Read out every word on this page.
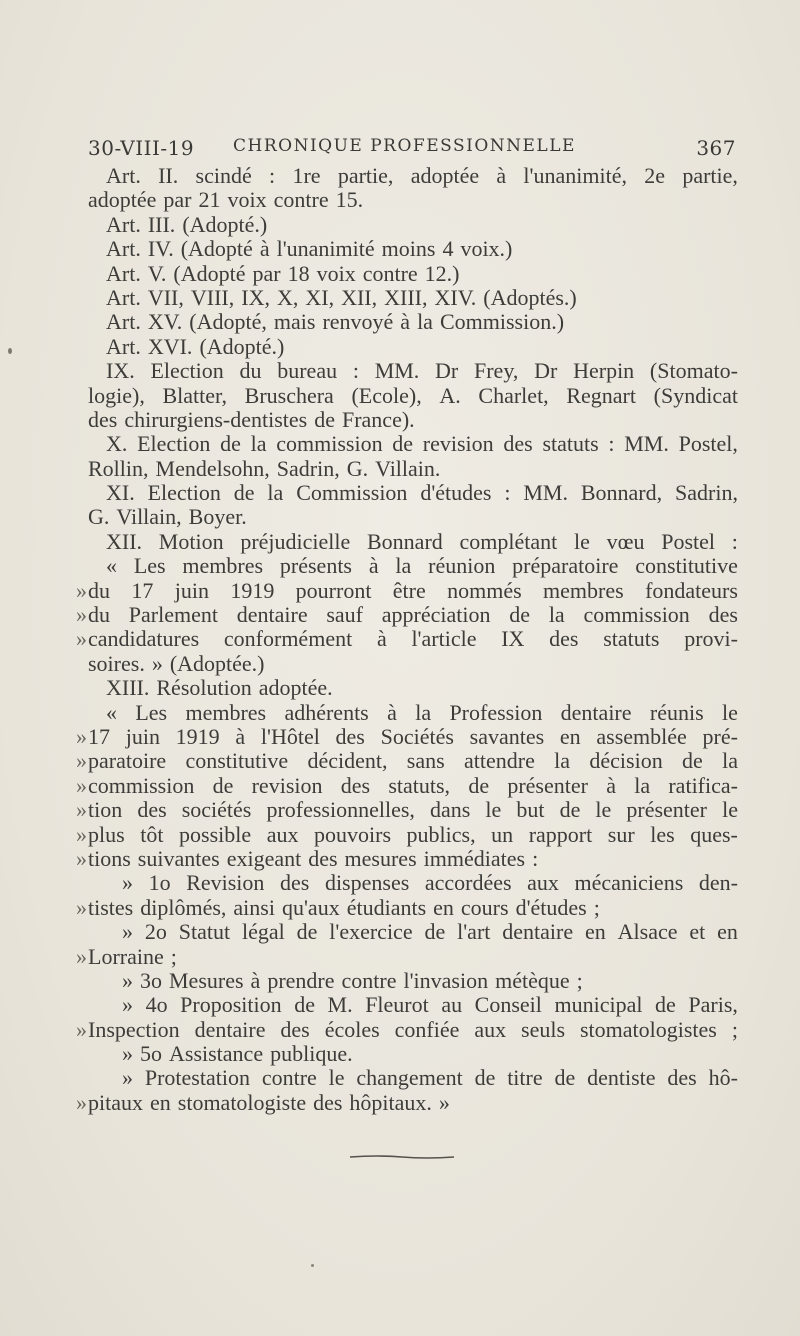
30-VIII-19 CHRONIQUE PROFESSIONNELLE	367
Art. II. scindé : 1re partie, adoptée à l'unanimité, 2e partie,
adoptée par 21 voix contre 15.
Art. III. (Adopté.)
Art. IV. (Adopté à l'unanimité moins 4 voix.)
Art. V. (Adopté par 18 voix contre 12.)
Art. VII, VIII, IX, X, XI, XII, XIII, XIV. (Adoptés.)
Art. XV. (Adopté, mais renvoyé à la Commission.)
Art. XVI. (Adopté.)
IX. Election du bureau : MM. Dr Frey, Dr Herpin (Stomato-
logie), Blatter, Bruschera (Ecole), A. Charlet, Regnart (Syndicat
des chirurgiens-dentistes de France).
X. Election de la commission de revision des statuts : MM. Postel,
Rollin, Mendelsohn, Sadrin, G. Villain.
XI. Election de la Commission d'études : MM. Bonnard, Sadrin,
G. Villain, Boyer.
XII. Motion préjudicielle Bonnard complétant le vœu Postel :
« Les membres présents à la réunion préparatoire constitutive
» du 17 juin 1919 pourront être nommés membres fondateurs
» du Parlement dentaire sauf appréciation de la commission des
» candidatures conformément à l'article IX des statuts provi-
soires. » (Adoptée.)
XIII. Résolution adoptée.
« Les membres adhérents à la Profession dentaire réunis le
» 17 juin 1919 à l'Hôtel des Sociétés savantes en assemblée pré-
» paratoire constitutive décident, sans attendre la décision de la
» commission de revision des statuts, de présenter à la ratifica-
» tion des sociétés professionnelles, dans le but de le présenter le
» plus tôt possible aux pouvoirs publics, un rapport sur les ques-
» tions suivantes exigeant des mesures immédiates :
» 1o Revision des dispenses accordées aux mécaniciens den-
» tistes diplômés, ainsi qu'aux étudiants en cours d'études ;
» 2o Statut légal de l'exercice de l'art dentaire en Alsace et en
» Lorraine ;
» 3o Mesures à prendre contre l'invasion métèque ;
» 4o Proposition de M. Fleurot au Conseil municipal de Paris,
» Inspection dentaire des écoles confiée aux seuls stomatologistes ;
» 5o Assistance publique.
» Protestation contre le changement de titre de dentiste des hô-
» pitaux en stomatologiste des hôpitaux. »
